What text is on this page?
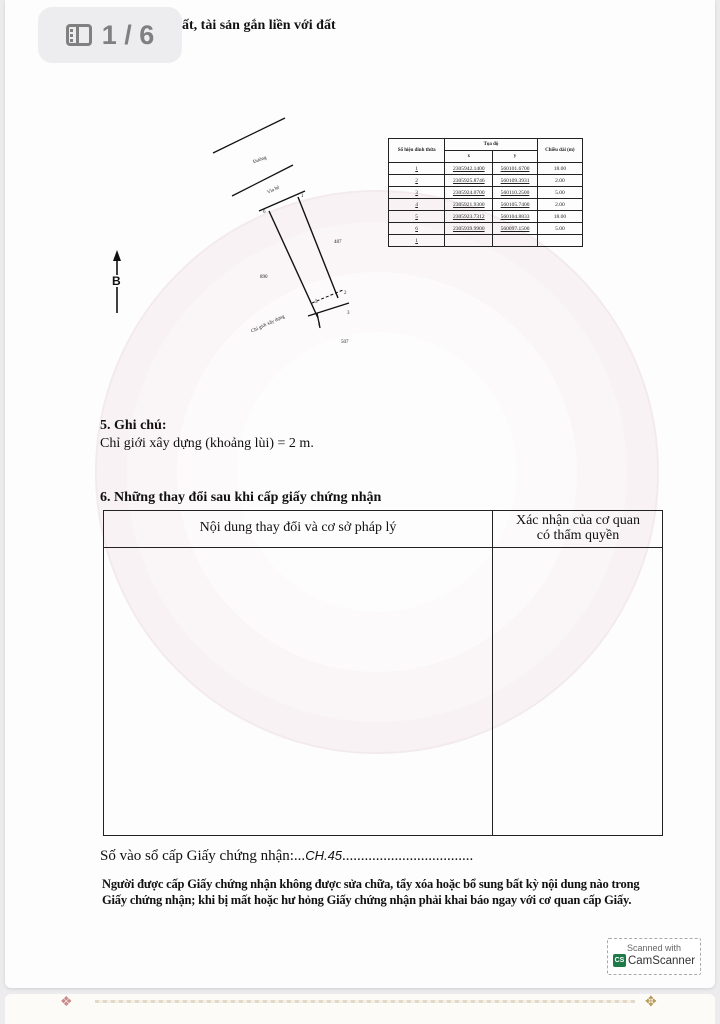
ất, tài sản gắn liền với đất
Đường
Vỉa hè
Chỉ giới xây dựng
487
890
507
1
2
3
4
5
6
B
Số hiệu đỉnh thửa	Tọa độ		Chiều dài (m)
	x	y	
1	2305942.1400	560101.6700	18.00
2	2305925.8746	560109.3931	2.00
3	2305924.0700	560110.2500	5.00
4	2305921.9300	560105.7400	2.00
5	2305923.7312	560104.8833	18.00
6	2305939.9900	560097.1500	5.00
1			
5. Ghi chú:
Chỉ giới xây dựng (khoảng lùi) = 2 m.
6. Những thay đổi sau khi cấp giấy chứng nhận
Nội dung thay đổi và cơ sở pháp lý	Xác nhận của cơ quan
có thẩm quyền
Số vào sổ cấp Giấy chứng nhận:...CH.45...................................
Người được cấp Giấy chứng nhận không được sửa chữa, tẩy xóa hoặc bổ sung bất kỳ nội dung nào trong Giấy chứng nhận; khi bị mất hoặc hư hỏng Giấy chứng nhận phải khai báo ngay với cơ quan cấp Giấy.
Scanned with
CS CamScanner
1 / 6
❖	✥
